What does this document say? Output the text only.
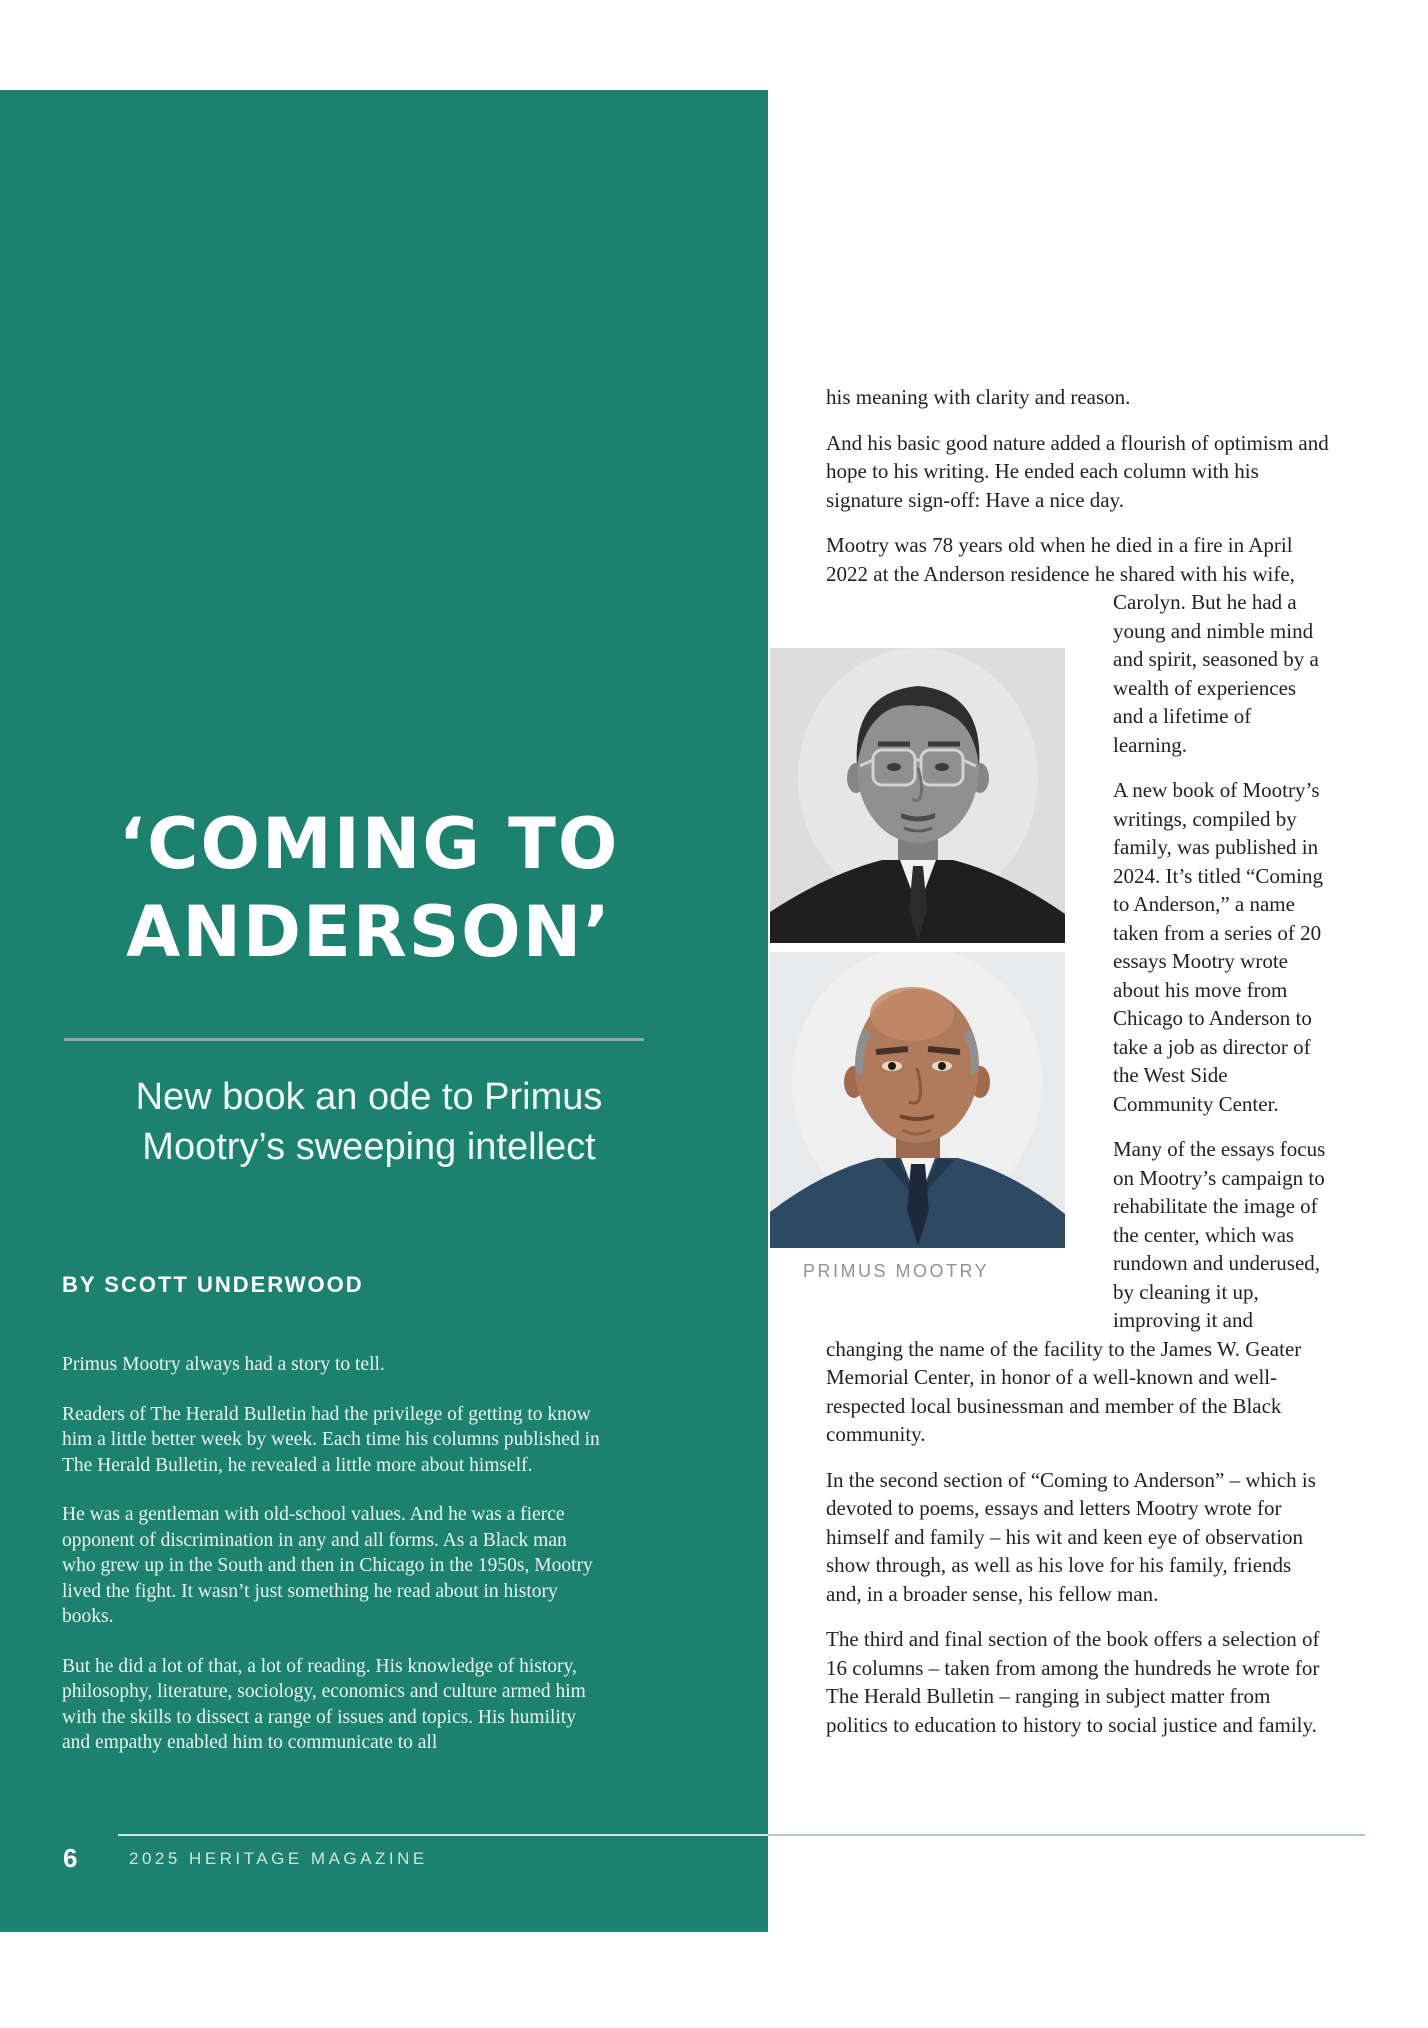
‘COMING TO
ANDERSON’
New book an ode to Primus
Mootry’s sweeping intellect
BY SCOTT UNDERWOOD

Primus Mootry always had a story to tell.

Readers of The Herald Bulletin had the privilege of getting to know him a little better week by week. Each time his columns published in The Herald Bulletin, he revealed a little more about himself.

He was a gentleman with old-school values. And he was a fierce opponent of discrimination in any and all forms. As a Black man who grew up in the South and then in Chicago in the 1950s, Mootry lived the fight. It wasn’t just something he read about in history books.

But he did a lot of that, a lot of reading. His knowledge of history, philosophy, literature, sociology, economics and culture armed him with the skills to dissect a range of issues and topics. His humility and empathy enabled him to communicate to all

6	2025 HERITAGE MAGAZINE

his meaning with clarity and reason.

And his basic good nature added a flourish of optimism and hope to his writing. He ended each column with his signature sign-off: Have a nice day.

Mootry was 78 years old when he died in a fire in April 2022 at the Anderson residence he shared with
PRIMUS MOOTRY
his wife, Carolyn. But he had a young and nimble mind and spirit, seasoned by a wealth of experiences and a lifetime of learning.

A new book of Mootry’s writings, compiled by family, was published in 2024. It’s titled “Coming to Anderson,” a name taken from a series of 20 essays Mootry wrote about his move from Chicago to Anderson to take a job as director of the West Side Community Center.

Many of the essays focus on Mootry’s campaign to rehabilitate the image of the center, which was rundown and underused, by cleaning it up, improving it and changing the name of the facility to the James W. Geater Memorial Center, in honor of a well-known and well-respected local businessman and member of the Black community.

In the second section of “Coming to Anderson” – which is devoted to poems, essays and letters Mootry wrote for himself and family – his wit and keen eye of observation show through, as well as his love for his family, friends and, in a broader sense, his fellow man.

The third and final section of the book offers a selection of 16 columns – taken from among the hundreds he wrote for The Herald Bulletin – ranging in subject matter from politics to education to history to social justice and family.
